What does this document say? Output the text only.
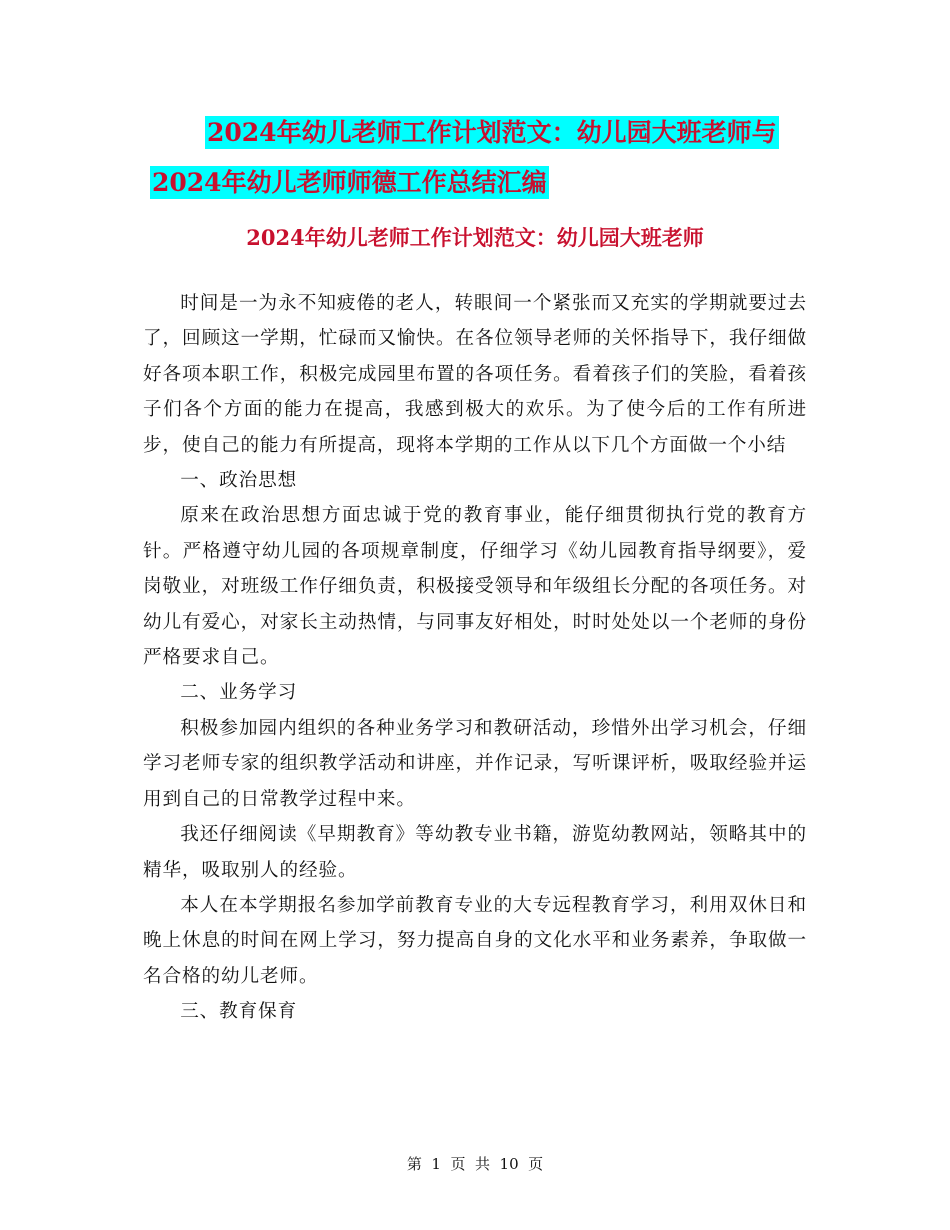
2024年幼儿老师工作计划范文：幼儿园大班老师与
2024年幼儿老师师德工作总结汇编
2024年幼儿老师工作计划范文：幼儿园大班老师

时间是一为永不知疲倦的老人，转眼间一个紧张而又充实的学期就要过去了，回顾这一学期，忙碌而又愉快。在各位领导老师的关怀指导下，我仔细做好各项本职工作，积极完成园里布置的各项任务。看着孩子们的笑脸，看着孩子们各个方面的能力在提高，我感到极大的欢乐。为了使今后的工作有所进步，使自己的能力有所提高，现将本学期的工作从以下几个方面做一个小结

一、政治思想

原来在政治思想方面忠诚于党的教育事业，能仔细贯彻执行党的教育方针。严格遵守幼儿园的各项规章制度，仔细学习《幼儿园教育指导纲要》，爱岗敬业，对班级工作仔细负责，积极接受领导和年级组长分配的各项任务。对幼儿有爱心，对家长主动热情，与同事友好相处，时时处处以一个老师的身份严格要求自己。

二、业务学习

积极参加园内组织的各种业务学习和教研活动，珍惜外出学习机会，仔细学习老师专家的组织教学活动和讲座，并作记录，写听课评析，吸取经验并运用到自己的日常教学过程中来。

我还仔细阅读《早期教育》等幼教专业书籍，游览幼教网站，领略其中的精华，吸取别人的经验。

本人在本学期报名参加学前教育专业的大专远程教育学习，利用双休日和晚上休息的时间在网上学习，努力提高自身的文化水平和业务素养，争取做一名合格的幼儿老师。

三、教育保育

第  1  页  共  10  页
